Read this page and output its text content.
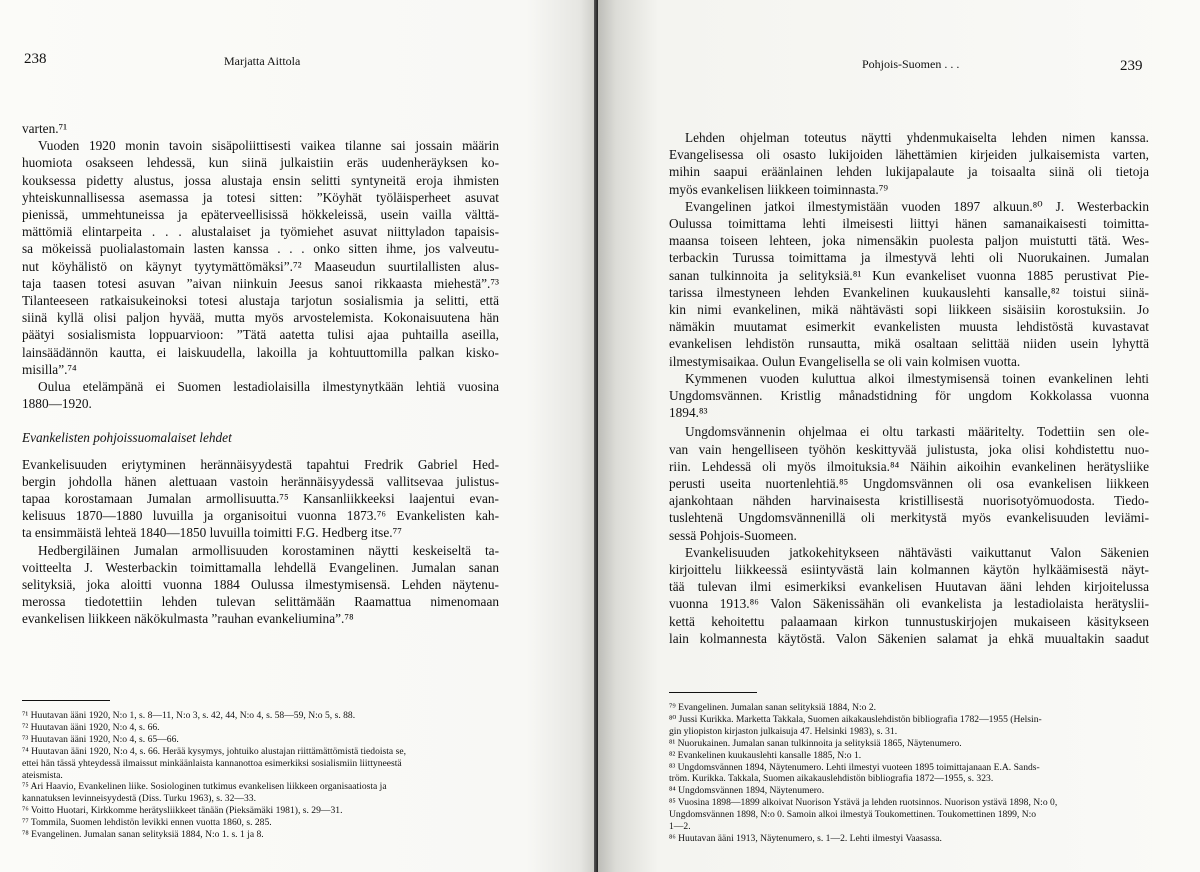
238	Marjatta Aittola
varten.⁷¹
Vuoden 1920 monin tavoin sisäpoliittisesti vaikea tilanne sai jossain määrin
huomiota osakseen lehdessä, kun siinä julkaistiin eräs uudenheräyksen ko-
kouksessa pidetty alustus, jossa alustaja ensin selitti syntyneitä eroja ihmisten
yhteiskunnallisessa asemassa ja totesi sitten: ”Köyhät työläisperheet asuvat
pienissä, ummehtuneissa ja epäterveellisissä hökkeleissä, usein vailla välttä-
mättömiä elintarpeita . . . alustalaiset ja työmiehet asuvat niittyladon tapaisis-
sa mökeissä puolialastomain lasten kanssa . . . onko sitten ihme, jos valveutu-
nut köyhälistö on käynyt tyytymättömäksi”.⁷² Maaseudun suurtilallisten alus-
taja taasen totesi asuvan ”aivan niinkuin Jeesus sanoi rikkaasta miehestä”.⁷³
Tilanteeseen ratkaisukeinoksi totesi alustaja tarjotun sosialismia ja selitti, että
siinä kyllä olisi paljon hyvää, mutta myös arvostelemista. Kokonaisuutena hän
päätyi sosialismista loppuarvioon: ”Tätä aatetta tulisi ajaa puhtailla aseilla,
lainsäädännön kautta, ei laiskuudella, lakoilla ja kohtuuttomilla palkan kisko-
misilla”.⁷⁴
Oulua etelämpänä ei Suomen lestadiolaisilla ilmestynytkään lehtiä vuosina
1880—1920.
Evankelisten pohjoissuomalaiset lehdet
Evankelisuuden eriytyminen herännäisyydestä tapahtui Fredrik Gabriel Hed-
bergin johdolla hänen alettuaan vastoin herännäisyydessä vallitsevaa julistus-
tapaa korostamaan Jumalan armollisuutta.⁷⁵ Kansanliikkeeksi laajentui evan-
kelisuus 1870—1880 luvuilla ja organisoitui vuonna 1873.⁷⁶ Evankelisten kah-
ta ensimmäistä lehteä 1840—1850 luvuilla toimitti F.G. Hedberg itse.⁷⁷
Hedbergiläinen Jumalan armollisuuden korostaminen näytti keskeiseltä ta-
voitteelta J. Westerbackin toimittamalla lehdellä Evangelinen. Jumalan sanan
selityksiä, joka aloitti vuonna 1884 Oulussa ilmestymisensä. Lehden näytenu-
merossa tiedotettiin lehden tulevan selittämään Raamattua nimenomaan
evankelisen liikkeen näkökulmasta ”rauhan evankeliumina”.⁷⁸
⁷¹ Huutavan ääni 1920, N:o 1, s. 8—11, N:o 3, s. 42, 44, N:o 4, s. 58—59, N:o 5, s. 88.
⁷² Huutavan ääni 1920, N:o 4, s. 66.
⁷³ Huutavan ääni 1920, N:o 4, s. 65—66.
⁷⁴ Huutavan ääni 1920, N:o 4, s. 66. Herää kysymys, johtuiko alustajan riittämättömistä tiedoista se,
ettei hän tässä yhteydessä ilmaissut minkäänlaista kannanottoa esimerkiksi sosialismiin liittyneestä
ateismista.
⁷⁵ Ari Haavio, Evankelinen liike. Sosiologinen tutkimus evankelisen liikkeen organisaatiosta ja
kannatuksen levinneisyydestä (Diss. Turku 1963), s. 32—33.
⁷⁶ Voitto Huotari, Kirkkomme herätysliikkeet tänään (Pieksämäki 1981), s. 29—31.
⁷⁷ Tommila, Suomen lehdistön levikki ennen vuotta 1860, s. 285.
⁷⁸ Evangelinen. Jumalan sanan selityksiä 1884, N:o 1. s. 1 ja 8.
Pohjois-Suomen . . .	239
Lehden ohjelman toteutus näytti yhdenmukaiselta lehden nimen kanssa.
Evangelisessa oli osasto lukijoiden lähettämien kirjeiden julkaisemista varten,
mihin saapui eräänlainen lehden lukijapalaute ja toisaalta siinä oli tietoja
myös evankelisen liikkeen toiminnasta.⁷⁹
Evangelinen jatkoi ilmestymistään vuoden 1897 alkuun.⁸⁰ J. Westerbackin
Oulussa toimittama lehti ilmeisesti liittyi hänen samanaikaisesti toimitta-
maansa toiseen lehteen, joka nimensäkin puolesta paljon muistutti tätä. Wes-
terbackin Turussa toimittama ja ilmestyvä lehti oli Nuorukainen. Jumalan
sanan tulkinnoita ja selityksiä.⁸¹ Kun evankeliset vuonna 1885 perustivat Pie-
tarissa ilmestyneen lehden Evankelinen kuukauslehti kansalle,⁸² toistui siinä-
kin nimi evankelinen, mikä nähtävästi sopi liikkeen sisäisiin korostuksiin. Jo
nämäkin muutamat esimerkit evankelisten muusta lehdistöstä kuvastavat
evankelisen lehdistön runsautta, mikä osaltaan selittää niiden usein lyhyttä
ilmestymisaikaa. Oulun Evangelisella se oli vain kolmisen vuotta.
Kymmenen vuoden kuluttua alkoi ilmestymisensä toinen evankelinen lehti
Ungdomsvännen. Kristlig månadstidning för ungdom Kokkolassa vuonna
1894.⁸³
Ungdomsvännenin ohjelmaa ei oltu tarkasti määritelty. Todettiin sen ole-
van vain hengelliseen työhön keskittyvää julistusta, joka olisi kohdistettu nuo-
riin. Lehdessä oli myös ilmoituksia.⁸⁴ Näihin aikoihin evankelinen herätysliike
perusti useita nuortenlehtiä.⁸⁵ Ungdomsvännen oli osa evankelisen liikkeen
ajankohtaan nähden harvinaisesta kristillisestä nuorisotyömuodosta. Tiedo-
tuslehtenä Ungdomsvännenillä oli merkitystä myös evankelisuuden leviämi-
sessä Pohjois-Suomeen.
Evankelisuuden jatkokehitykseen nähtävästi vaikuttanut Valon Säkenien
kirjoittelu liikkeessä esiintyvästä lain kolmannen käytön hylkäämisestä näyt-
tää tulevan ilmi esimerkiksi evankelisen Huutavan ääni lehden kirjoitelussa
vuonna 1913.⁸⁶ Valon Säkenissähän oli evankelista ja lestadiolaista herätyslii-
kettä kehoitettu palaamaan kirkon tunnustuskirjojen mukaiseen käsitykseen
lain kolmannesta käytöstä. Valon Säkenien salamat ja ehkä muualtakin saadut
⁷⁹ Evangelinen. Jumalan sanan selityksiä 1884, N:o 2.
⁸⁰ Jussi Kurikka. Marketta Takkala, Suomen aikakauslehdistön bibliografia 1782—1955 (Helsin-
gin yliopiston kirjaston julkaisuja 47. Helsinki 1983), s. 31.
⁸¹ Nuorukainen. Jumalan sanan tulkinnoita ja selityksiä 1865, Näytenumero.
⁸² Evankelinen kuukauslehti kansalle 1885, N:o 1.
⁸³ Ungdomsvännen 1894, Näytenumero. Lehti ilmestyi vuoteen 1895 toimittajanaan E.A. Sands-
tröm. Kurikka. Takkala, Suomen aikakauslehdistön bibliografia 1872—1955, s. 323.
⁸⁴ Ungdomsvännen 1894, Näytenumero.
⁸⁵ Vuosina 1898—1899 alkoivat Nuorison Ystävä ja lehden ruotsinnos. Nuorison ystävä 1898, N:o 0,
Ungdomsvännen 1898, N:o 0. Samoin alkoi ilmestyä Toukomettinen. Toukomettinen 1899, N:o
1—2.
⁸⁶ Huutavan ääni 1913, Näytenumero, s. 1—2. Lehti ilmestyi Vaasassa.
